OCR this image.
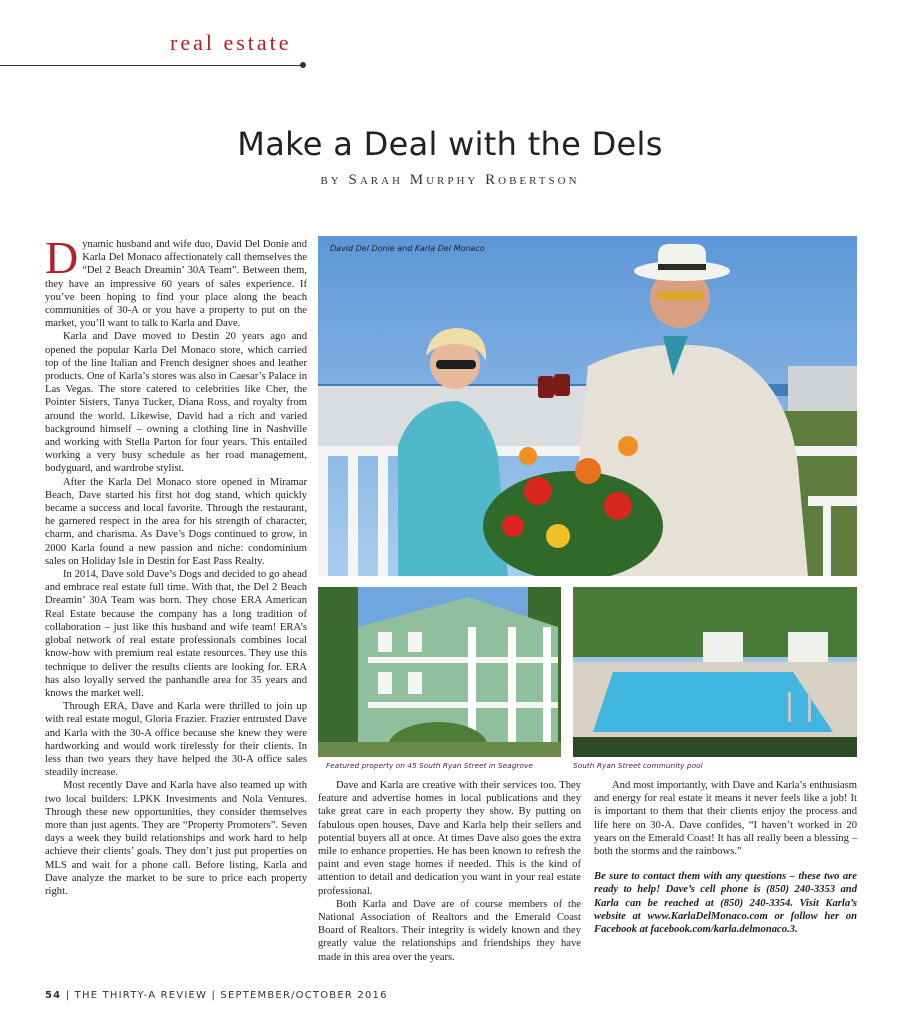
real estate
Make a Deal with the Dels
by Sarah Murphy Robertson

Dynamic husband and wife duo, David Del Donie and Karla Del Monaco affectionately call themselves the “Del 2 Beach Dreamin’ 30A Team”. Between them, they have an impressive 60 years of sales experience. If you’ve been hoping to find your place along the beach communities of 30-A or you have a property to put on the market, you’ll want to talk to Karla and Dave.

Karla and Dave moved to Destin 20 years ago and opened the popular Karla Del Monaco store, which carried top of the line Italian and French designer shoes and leather products. One of Karla’s stores was also in Caesar’s Palace in Las Vegas. The store catered to celebrities like Cher, the Pointer Sisters, Tanya Tucker, Diana Ross, and royalty from around the world. Likewise, David had a rich and varied background himself – owning a clothing line in Nashville and working with Stella Parton for four years. This entailed working a very busy schedule as her road management, bodyguard, and wardrobe stylist.

After the Karla Del Monaco store opened in Miramar Beach, Dave started his first hot dog stand, which quickly became a success and local favorite. Through the restaurant, he garnered respect in the area for his strength of character, charm, and charisma. As Dave’s Dogs continued to grow, in 2000 Karla found a new passion and niche: condominium sales on Holiday Isle in Destin for East Pass Realty.

In 2014, Dave sold Dave’s Dogs and decided to go ahead and embrace real estate full time. With that, the Del 2 Beach Dreamin’ 30A Team was born. They chose ERA American Real Estate because the company has a long tradition of collaboration – just like this husband and wife team! ERA’s global network of real estate professionals combines local know-how with premium real estate resources. They use this technique to deliver the results clients are looking for. ERA has also loyally served the panhandle area for 35 years and knows the market well.

Through ERA, Dave and Karla were thrilled to join up with real estate mogul, Gloria Frazier. Frazier entrusted Dave and Karla with the 30-A office because she knew they were hardworking and would work tirelessly for their clients. In less than two years they have helped the 30-A office sales steadily increase.

Most recently Dave and Karla have also teamed up with two local builders: LPKK Investments and Nola Ventures. Through these new opportunities, they consider themselves more than just agents. They are “Property Promoters”. Seven days a week they build relationships and work hard to help achieve their clients’ goals. They don’t just put properties on MLS and wait for a phone call. Before listing, Karla and Dave analyze the market to be sure to price each property right.

David Del Donie and Karla Del Monaco
Featured property on 45 South Ryan Street in Seagrove	South Ryan Street community pool

Dave and Karla are creative with their services too. They feature and advertise homes in local publications and they take great care in each property they show. By putting on fabulous open houses, Dave and Karla help their sellers and potential buyers all at once. At times Dave also goes the extra mile to enhance properties. He has been known to refresh the paint and even stage homes if needed. This is the kind of attention to detail and dedication you want in your real estate professional.

Both Karla and Dave are of course members of the National Association of Realtors and the Emerald Coast Board of Realtors. Their integrity is widely known and they greatly value the relationships and friendships they have made in this area over the years.

And most importantly, with Dave and Karla’s enthusiasm and energy for real estate it means it never feels like a job! It is important to them that their clients enjoy the process and life here on 30-A. Dave confides, “I haven’t worked in 20 years on the Emerald Coast! It has all really been a blessing – both the storms and the rainbows.”

Be sure to contact them with any questions – these two are ready to help! Dave’s cell phone is (850) 240-3353 and Karla can be reached at (850) 240-3354. Visit Karla’s website at www.KarlaDelMonaco.com or follow her on Facebook at facebook.com/karla.delmonaco.3.

54 | THE THIRTY-A REVIEW | SEPTEMBER/OCTOBER 2016
